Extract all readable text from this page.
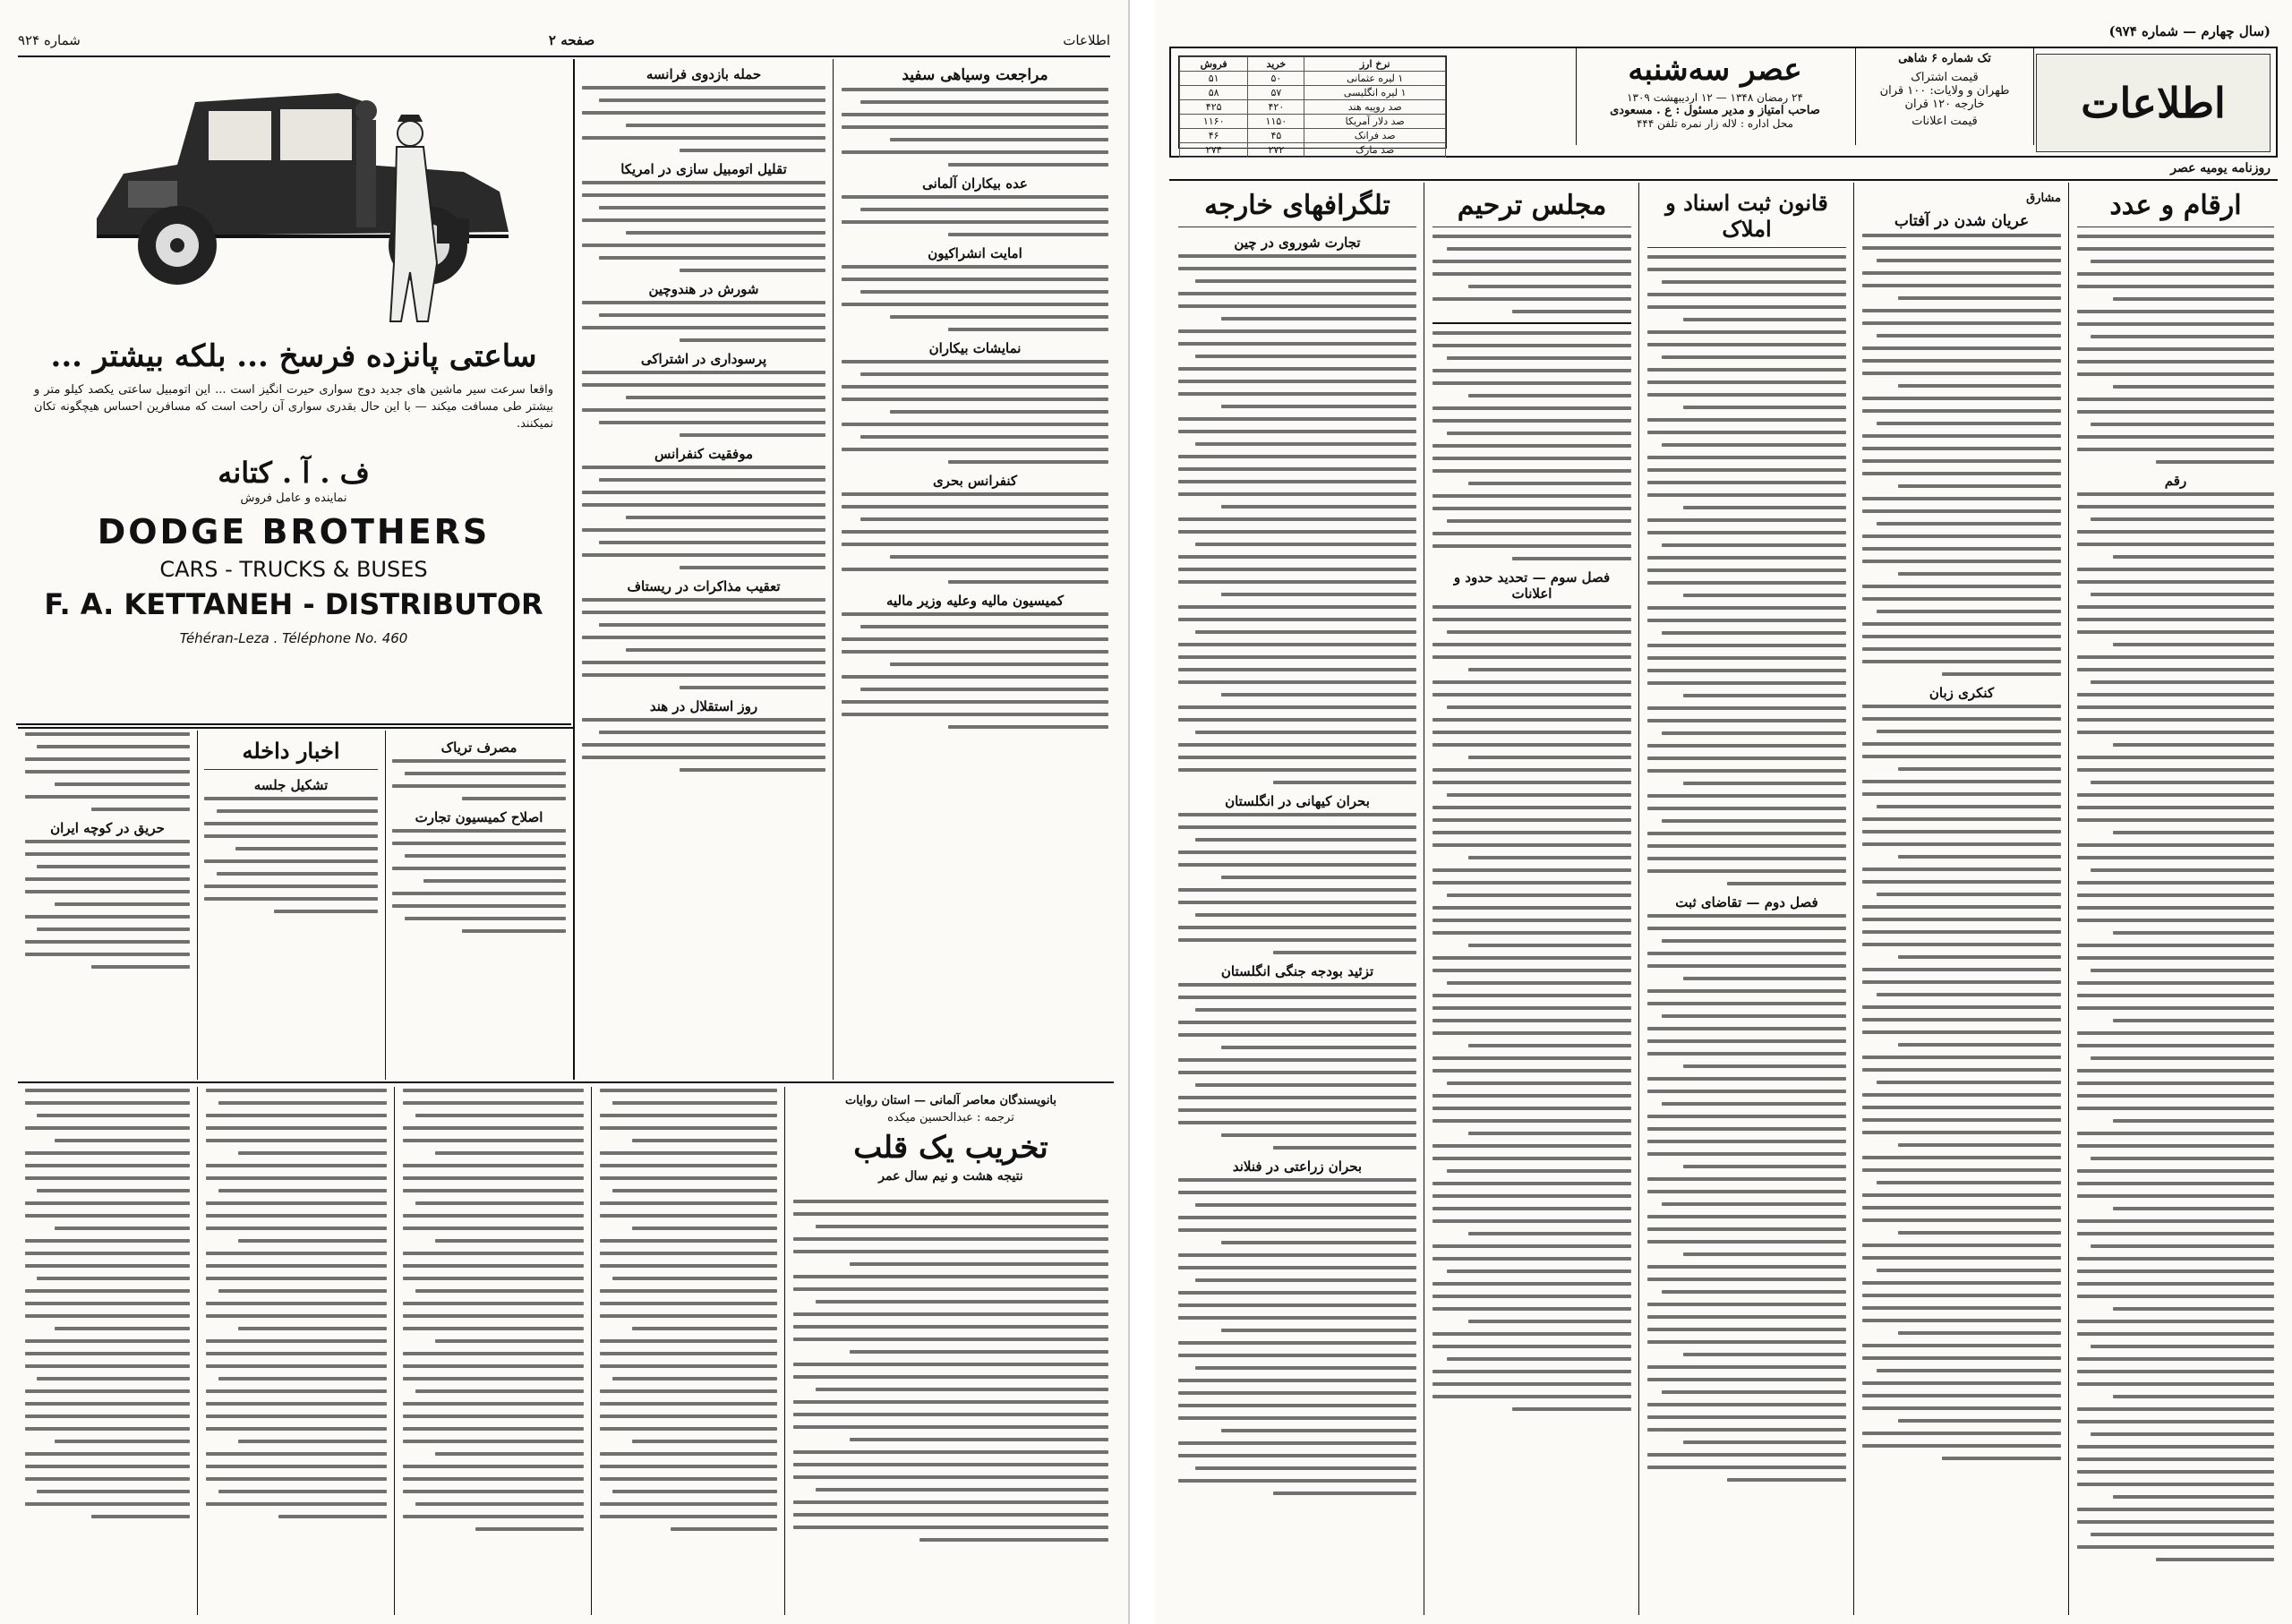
اطلاعات
صفحه ۲
شماره ۹۲۴
ساعتی پانزده فرسخ ... بلکه بیشتر ...
واقعا سرعت سیر ماشین های جدید دوج سواری حیرت انگیز است ... این اتومبیل ساعتی یکصد کیلو متر و بیشتر طی مسافت میکند — با این حال بقدری سواری آن راحت است که مسافرین احساس هیچگونه تکان نمیکنند.
ف . آ . کتانه
نماینده و عامل فروش
DODGE BROTHERS
CARS - TRUCKS & BUSES
F. A. KETTANEH - DISTRIBUTOR
Téhéran-Leza . Téléphone No. 460
حمله بازدوی فرانسه
تقلیل اتومبیل سازی در امریکا
شورش در هندوچین
پرسوداری در اشتراکی
موفقیت کنفرانس
تعقیب مذاکرات در ریستاف
روز استقلال در هند
مراجعت وسیاهی سفید
عده بیکاران آلمانی
امایت انشراکیون
نمایشات بیکاران
کنفرانس بحری
کمیسیون مالیه وعلیه وزیر مالیه
حریق در کوچه ایران
اخبار داخله
تشکیل جلسه
مصرف تریاک
اصلاح کمیسیون تجارت
بانویسندگان معاصر آلمانی — استان روایات
ترجمه : عبدالحسین میکده
تخریب یک قلب
نتیجه هشت و نیم سال عمر
(سال چهارم — شماره ۹۷۴)
اطلاعات
تک شماره ۶ شاهی
قیمت اشتراک
طهران و ولایات: ۱۰۰ قران
خارجه ۱۲۰ قران
قیمت اعلانات
عصر سه‌شنبه
۲۴ رمضان ۱۳۴۸ — ۱۲ اردیبهشت ۱۳۰۹
صاحب امتیاز و مدیر مسئول : ع . مسعودی
محل اداره : لاله زار نمره تلفن ۴۴۴
نرخ ارز	خرید	فروش
۱ لیره عثمانی	۵۰	۵۱
۱ لیره انگلیسی	۵۷	۵۸
صد روپیه هند	۴۲۰	۴۲۵
صد دلار آمریکا	۱۱۵۰	۱۱۶۰
صد فرانک	۴۵	۴۶
صد مارک	۲۷۲	۲۷۴
روزنامه یومیه عصر
ارقام و عدد
رقم
مشارق
عریان شدن در آفتاب
کنکری زبان
قانون ثبت اسناد و املاک
فصل دوم — تقاضای ثبت
مجلس ترحیم
فصل سوم — تحدید حدود و اعلانات
تلگرافهای خارجه
تجارت شوروی در چین
بحران کیهانی در انگلستان
تزئید بودجه جنگی انگلستان
بحران زراعتی در فنلاند
